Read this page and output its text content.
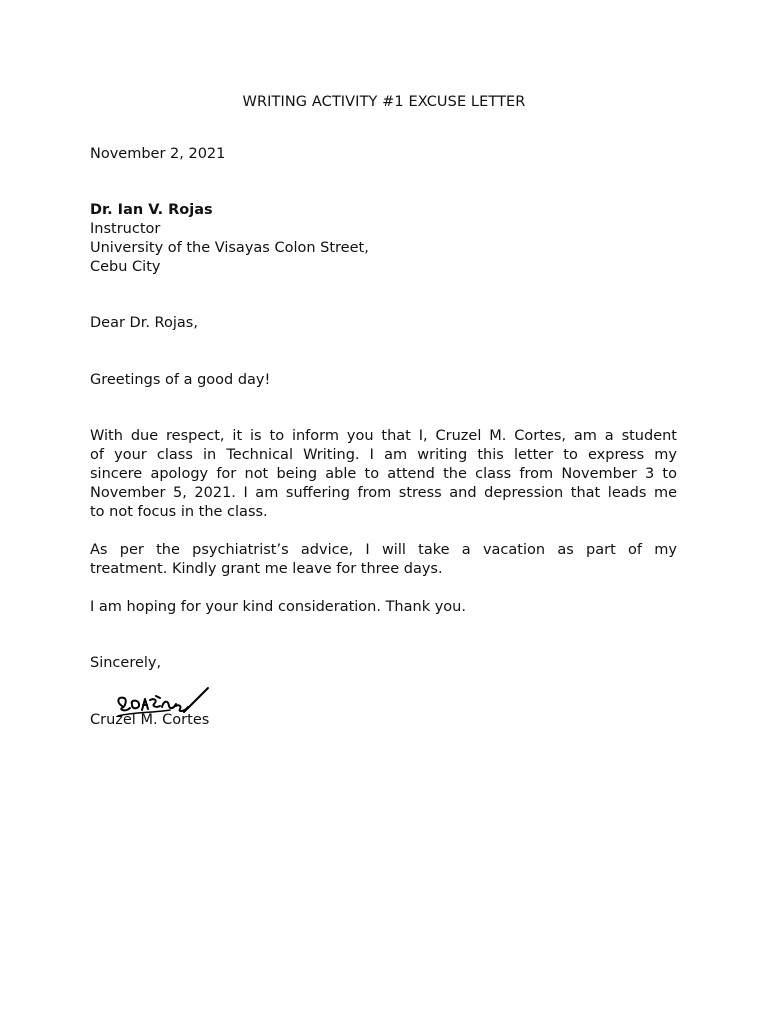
WRITING ACTIVITY #1 EXCUSE LETTER
November 2, 2021
Dr. Ian V. Rojas
Instructor
University of the Visayas Colon Street,
Cebu City
Dear Dr. Rojas,
Greetings of a good day!
With due respect, it is to inform you that I, Cruzel M. Cortes, am a student
of your class in Technical Writing. I am writing this letter to express my
sincere apology for not being able to attend the class from November 3 to
November 5, 2021. I am suffering from stress and depression that leads me
to not focus in the class.
As per the psychiatrist’s advice, I will take a vacation as part of my
treatment. Kindly grant me leave for three days.
I am hoping for your kind consideration. Thank you.
Sincerely,
Cruzel M. Cortes
